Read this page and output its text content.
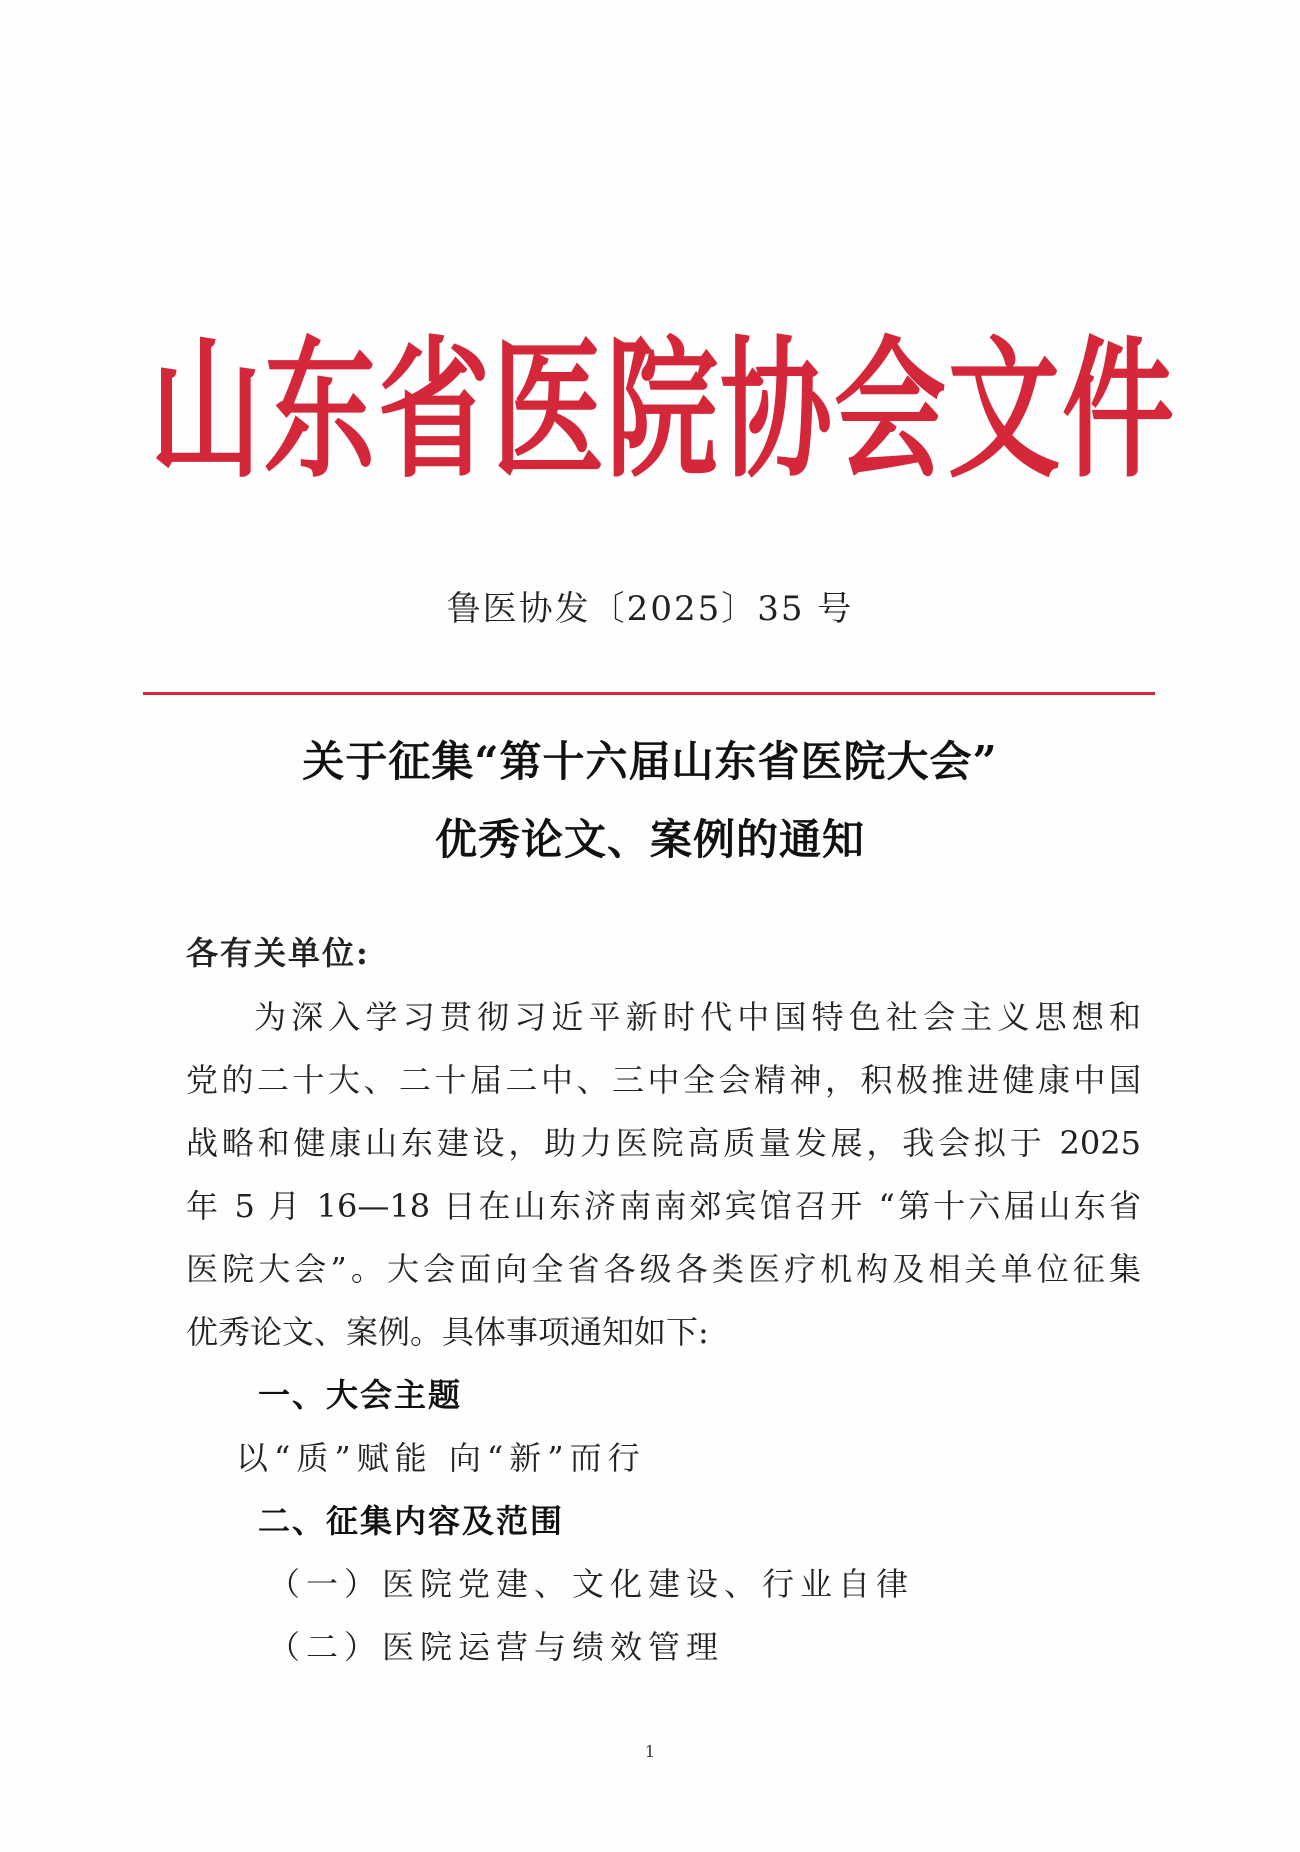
山东省医院协会文件
鲁医协发〔2025〕35 号
关于征集“第十六届山东省医院大会”
优秀论文、案例的通知
各有关单位:
为深入学习贯彻习近平新时代中国特色社会主义思想和
党的二十大、二十届二中、三中全会精神，积极推进健康中国
战略和健康山东建设，助力医院高质量发展，我会拟于 2025
年 5 月 16—18 日在山东济南南郊宾馆召开 “第十六届山东省
医院大会”。大会面向全省各级各类医疗机构及相关单位征集
优秀论文、案例。具体事项通知如下:
一、大会主题
以“质”赋能 向“新”而行
二、征集内容及范围
（一）医院党建、文化建设、行业自律
（二）医院运营与绩效管理
1
